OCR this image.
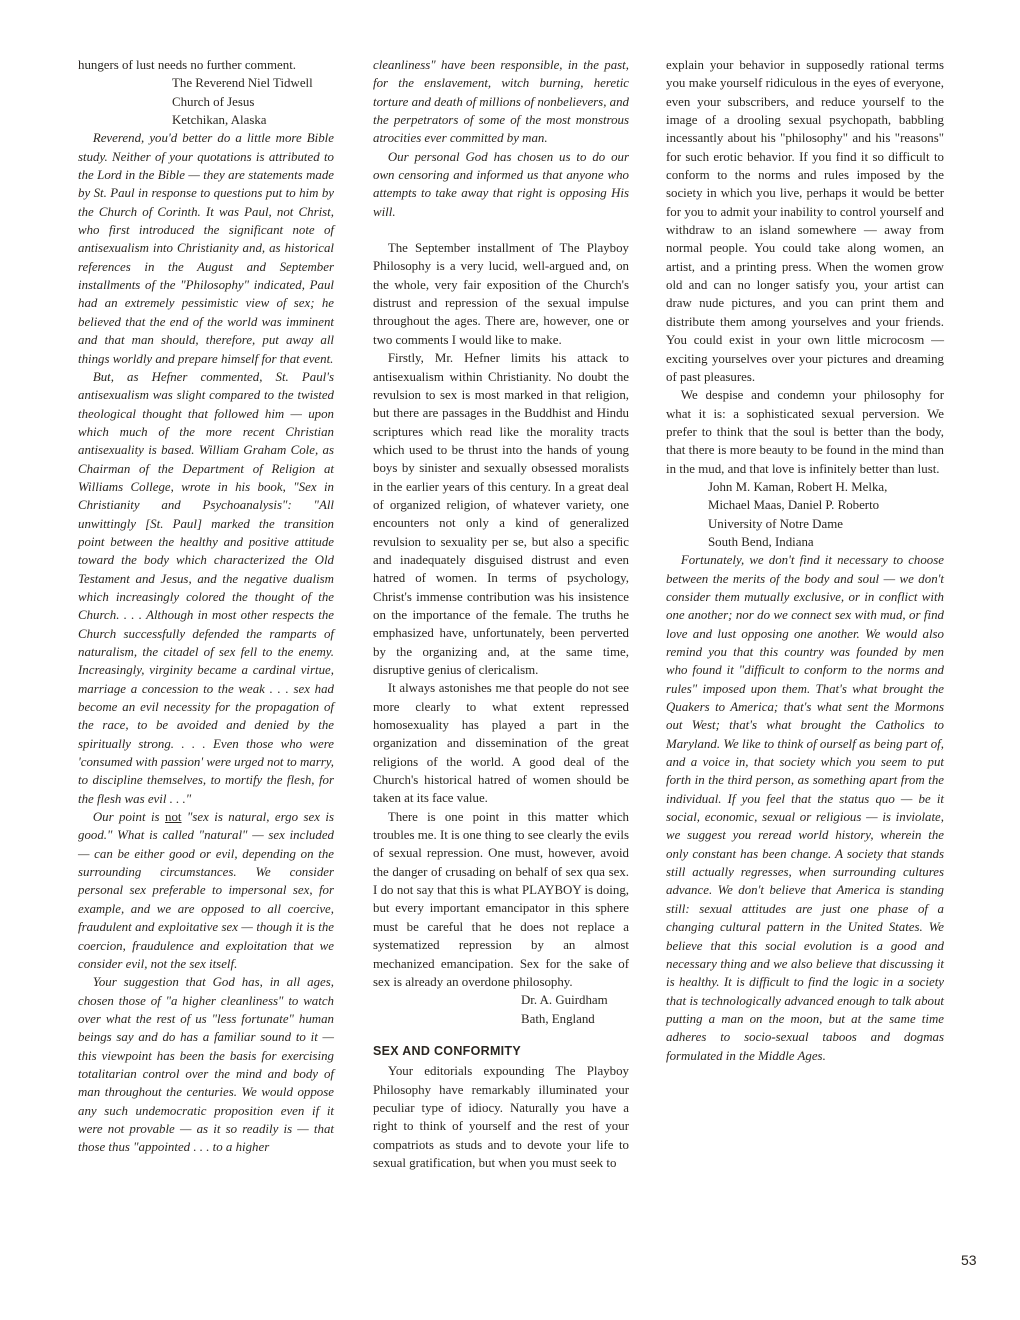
hungers of lust needs no further comment.

The Reverend Niel Tidwell
Church of Jesus
Ketchikan, Alaska

Reverend, you'd better do a little more Bible study. Neither of your quotations is attributed to the Lord in the Bible — they are statements made by St. Paul in response to questions put to him by the Church of Corinth. It was Paul, not Christ, who first introduced the significant note of antisexualism into Christianity and, as historical references in the August and September installments of the "Philosophy" indicated, Paul had an extremely pessimistic view of sex; he believed that the end of the world was imminent and that man should, therefore, put away all things worldly and prepare himself for that event.

But, as Hefner commented, St. Paul's antisexualism was slight compared to the twisted theological thought that followed him — upon which much of the more recent Christian antisexuality is based. William Graham Cole, as Chairman of the Department of Religion at Williams College, wrote in his book, "Sex in Christianity and Psychoanalysis": "All unwittingly [St. Paul] marked the transition point between the healthy and positive attitude toward the body which characterized the Old Testament and Jesus, and the negative dualism which increasingly colored the thought of the Church. . . . Although in most other respects the Church successfully defended the ramparts of naturalism, the citadel of sex fell to the enemy. Increasingly, virginity became a cardinal virtue, marriage a concession to the weak . . . sex had become an evil necessity for the propagation of the race, to be avoided and denied by the spiritually strong. . . . Even those who were 'consumed with passion' were urged not to marry, to discipline themselves, to mortify the flesh, for the flesh was evil . . ."

Our point is not "sex is natural, ergo sex is good." What is called "natural" — sex included — can be either good or evil, depending on the surrounding circumstances. We consider personal sex preferable to impersonal sex, for example, and we are opposed to all coercive, fraudulent and exploitative sex — though it is the coercion, fraudulence and exploitation that we consider evil, not the sex itself.

Your suggestion that God has, in all ages, chosen those of "a higher cleanliness" to watch over what the rest of us "less fortunate" human beings say and do has a familiar sound to it — this viewpoint has been the basis for exercising totalitarian control over the mind and body of man throughout the centuries. We would oppose any such undemocratic proposition even if it were not provable — as it so readily is — that those thus "appointed . . . to a higher

cleanliness" have been responsible, in the past, for the enslavement, witch burning, heretic torture and death of millions of nonbelievers, and the perpetrators of some of the most monstrous atrocities ever committed by man.

Our personal God has chosen us to do our own censoring and informed us that anyone who attempts to take away that right is opposing His will.

The September installment of The Playboy Philosophy is a very lucid, well-argued and, on the whole, very fair exposition of the Church's distrust and repression of the sexual impulse throughout the ages. There are, however, one or two comments I would like to make.

Firstly, Mr. Hefner limits his attack to antisexualism within Christianity. No doubt the revulsion to sex is most marked in that religion, but there are passages in the Buddhist and Hindu scriptures which read like the morality tracts which used to be thrust into the hands of young boys by sinister and sexually obsessed moralists in the earlier years of this century. In a great deal of organized religion, of whatever variety, one encounters not only a kind of generalized revulsion to sexuality per se, but also a specific and inadequately disguised distrust and even hatred of women. In terms of psychology, Christ's immense contribution was his insistence on the importance of the female. The truths he emphasized have, unfortunately, been perverted by the organizing and, at the same time, disruptive genius of clericalism.

It always astonishes me that people do not see more clearly to what extent repressed homosexuality has played a part in the organization and dissemination of the great religions of the world. A good deal of the Church's historical hatred of women should be taken at its face value.

There is one point in this matter which troubles me. It is one thing to see clearly the evils of sexual repression. One must, however, avoid the danger of crusading on behalf of sex qua sex. I do not say that this is what PLAYBOY is doing, but every important emancipator in this sphere must be careful that he does not replace a systematized repression by an almost mechanized emancipation. Sex for the sake of sex is already an overdone philosophy.

Dr. A. Guirdham
Bath, England
SEX AND CONFORMITY

Your editorials expounding The Playboy Philosophy have remarkably illuminated your peculiar type of idiocy. Naturally you have a right to think of yourself and the rest of your compatriots as studs and to devote your life to sexual gratification, but when you must seek to

explain your behavior in supposedly rational terms you make yourself ridiculous in the eyes of everyone, even your subscribers, and reduce yourself to the image of a drooling sexual psychopath, babbling incessantly about his "philosophy" and his "reasons" for such erotic behavior. If you find it so difficult to conform to the norms and rules imposed by the society in which you live, perhaps it would be better for you to admit your inability to control yourself and withdraw to an island somewhere — away from normal people. You could take along women, an artist, and a printing press. When the women grow old and can no longer satisfy you, your artist can draw nude pictures, and you can print them and distribute them among yourselves and your friends. You could exist in your own little microcosm — exciting yourselves over your pictures and dreaming of past pleasures.

We despise and condemn your philosophy for what it is: a sophisticated sexual perversion. We prefer to think that the soul is better than the body, that there is more beauty to be found in the mind than in the mud, and that love is infinitely better than lust.

John M. Kaman, Robert H. Melka,
Michael Maas, Daniel P. Roberto
University of Notre Dame
South Bend, Indiana

Fortunately, we don't find it necessary to choose between the merits of the body and soul — we don't consider them mutually exclusive, or in conflict with one another; nor do we connect sex with mud, or find love and lust opposing one another. We would also remind you that this country was founded by men who found it "difficult to conform to the norms and rules" imposed upon them. That's what brought the Quakers to America; that's what sent the Mormons out West; that's what brought the Catholics to Maryland. We like to think of ourself as being part of, and a voice in, that society which you seem to put forth in the third person, as something apart from the individual. If you feel that the status quo — be it social, economic, sexual or religious — is inviolate, we suggest you reread world history, wherein the only constant has been change. A society that stands still actually regresses, when surrounding cultures advance. We don't believe that America is standing still: sexual attitudes are just one phase of a changing cultural pattern in the United States. We believe that this social evolution is a good and necessary thing and we also believe that discussing it is healthy. It is difficult to find the logic in a society that is technologically advanced enough to talk about putting a man on the moon, but at the same time adheres to socio-sexual taboos and dogmas formulated in the Middle Ages.

53
